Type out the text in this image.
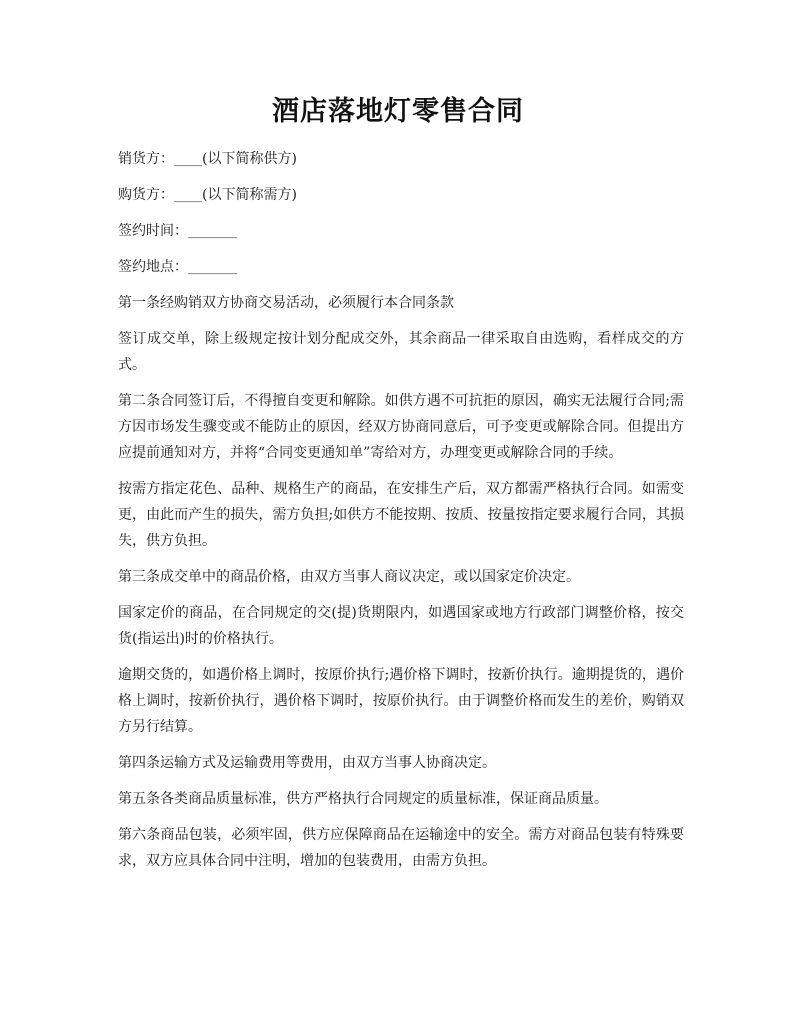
酒店落地灯零售合同

销货方：____(以下简称供方)

购货方：____(以下简称需方)

签约时间：_______

签约地点：_______

第一条经购销双方协商交易活动，必须履行本合同条款

签订成交单，除上级规定按计划分配成交外，其余商品一律采取自由选购，看样成交的方式。

第二条合同签订后，不得擅自变更和解除。如供方遇不可抗拒的原因，确实无法履行合同;需方因市场发生骤变或不能防止的原因，经双方协商同意后，可予变更或解除合同。但提出方应提前通知对方，并将“合同变更通知单”寄给对方，办理变更或解除合同的手续。

按需方指定花色、品种、规格生产的商品，在安排生产后，双方都需严格执行合同。如需变更，由此而产生的损失，需方负担;如供方不能按期、按质、按量按指定要求履行合同，其损失，供方负担。

第三条成交单中的商品价格，由双方当事人商议决定，或以国家定价决定。

国家定价的商品，在合同规定的交(提)货期限内，如遇国家或地方行政部门调整价格，按交货(指运出)时的价格执行。

逾期交货的，如遇价格上调时，按原价执行;遇价格下调时，按新价执行。逾期提货的，遇价格上调时，按新价执行，遇价格下调时，按原价执行。由于调整价格而发生的差价，购销双方另行结算。

第四条运输方式及运输费用等费用，由双方当事人协商决定。

第五条各类商品质量标准，供方严格执行合同规定的质量标准，保证商品质量。

第六条商品包装，必须牢固，供方应保障商品在运输途中的安全。需方对商品包装有特殊要求，双方应具体合同中注明，增加的包装费用，由需方负担。
